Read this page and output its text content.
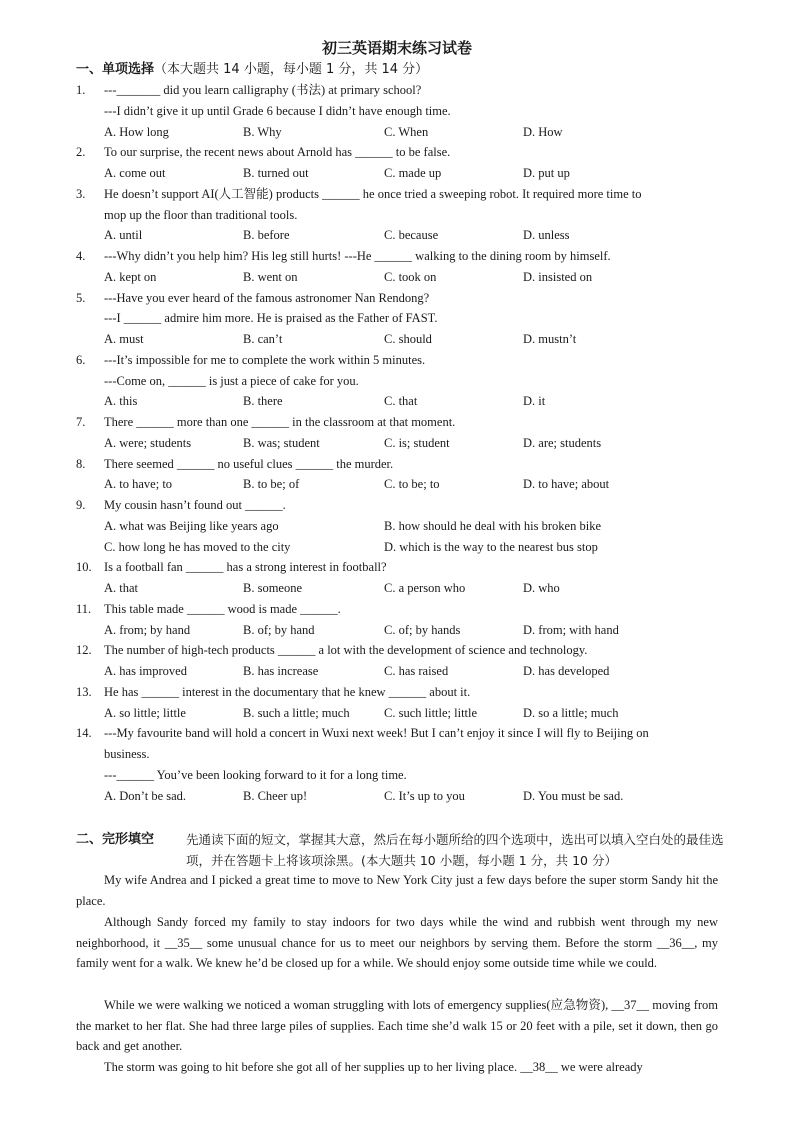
初三英语期末练习试卷
一、单项选择（本大题共 14 小题，每小题 1 分，共 14 分）
1. ---_______ did you learn calligraphy (书法) at primary school?
---I didn’t give it up until Grade 6 because I didn’t have enough time.
A. How long	B. Why	C. When	D. How
2. To our surprise, the recent news about Arnold has ______ to be false.
A. come out	B. turned out	C. made up	D. put up
3. He doesn’t support AI(人工智能) products ______ he once tried a sweeping robot. It required more time to
mop up the floor than traditional tools.
A. until	B. before	C. because	D. unless
4. ---Why didn’t you help him? His leg still hurts! ---He ______ walking to the dining room by himself.
A. kept on	B. went on	C. took on	D. insisted on
5. ---Have you ever heard of the famous astronomer Nan Rendong?
---I ______ admire him more. He is praised as the Father of FAST.
A. must	B. can’t	C. should	D. mustn’t
6. ---It’s impossible for me to complete the work within 5 minutes.
---Come on, ______ is just a piece of cake for you.
A. this	B. there	C. that	D. it
7. There ______ more than one ______ in the classroom at that moment.
A. were; students	B. was; student	C. is; student	D. are; students
8. There seemed ______ no useful clues ______ the murder.
A. to have; to	B. to be; of	C. to be; to	D. to have; about
9. My cousin hasn’t found out ______.
A. what was Beijing like years ago	B. how should he deal with his broken bike
C. how long he has moved to the city	D. which is the way to the nearest bus stop
10. Is a football fan ______ has a strong interest in football?
A. that	B. someone	C. a person who	D. who
11. This table made ______ wood is made ______.
A. from; by hand	B. of; by hand	C. of; by hands	D. from; with hand
12. The number of high-tech products ______ a lot with the development of science and technology.
A. has improved	B. has increase	C. has raised	D. has developed
13. He has ______ interest in the documentary that he knew ______ about it.
A. so little; little	B. such a little; much	C. such little; little	D. so a little; much
14. ---My favourite band will hold a concert in Wuxi next week! But I can’t enjoy it since I will fly to Beijing on
business.
---______ You’ve been looking forward to it for a long time.
A. Don’t be sad.	B. Cheer up!	C. It’s up to you	D. You must be sad.
二、完形填空	先通读下面的短文，掌握其大意，然后在每小题所给的四个选项中，选出可以填入空白处的最佳选项，并在答题卡上将该项涂黑。(本大题共 10 小题，每小题 1 分，共 10 分）

My wife Andrea and I picked a great time to move to New York City just a few days before the super storm Sandy hit the place.

Although Sandy forced my family to stay indoors for two days while the wind and rubbish went through my new neighborhood, it __35__ some unusual chance for us to meet our neighbors by serving them. Before the storm __36__, my family went for a walk. We knew he’d be closed up for a while. We should enjoy some outside time while we could.

While we were walking we noticed a woman struggling with lots of emergency supplies(应急物资), __37__ moving from the market to her flat. She had three large piles of supplies. Each time she’d walk 15 or 20 feet with a pile, set it down, then go back and get another.

The storm was going to hit before she got all of her supplies up to her living place. __38__ we were already
